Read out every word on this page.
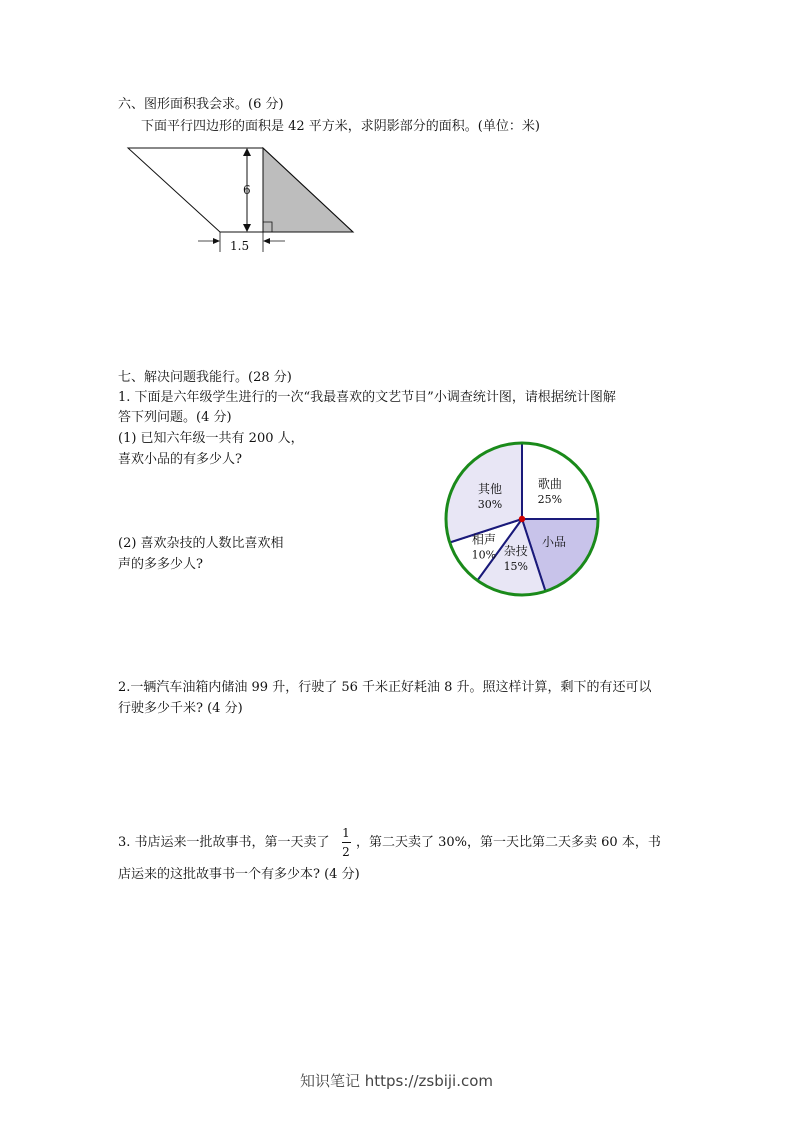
六、图形面积我会求。(6 分)
下面平行四边形的面积是 42 平方米，求阴影部分的面积。(单位：米)
6
1.5
七、解决问题我能行。(28 分)
1. 下面是六年级学生进行的一次“我最喜欢的文艺节目”小调查统计图，请根据统计图解
答下列问题。(4 分)
(1) 已知六年级一共有 200 人，
喜欢小品的有多少人?
(2) 喜欢杂技的人数比喜欢相
声的多多少人?
歌曲
25%
小品
杂技
15%
相声
10%
其他
30%
2.一辆汽车油箱内储油 99 升，行驶了 56 千米正好耗油 8 升。照这样计算，剩下的有还可以
行驶多少千米? (4 分)
3. 书店运来一批故事书，第一天卖了
1
2
，第二天卖了 30%，第一天比第二天多卖 60 本，书
店运来的这批故事书一个有多少本? (4 分)
知识笔记 https://zsbiji.com
